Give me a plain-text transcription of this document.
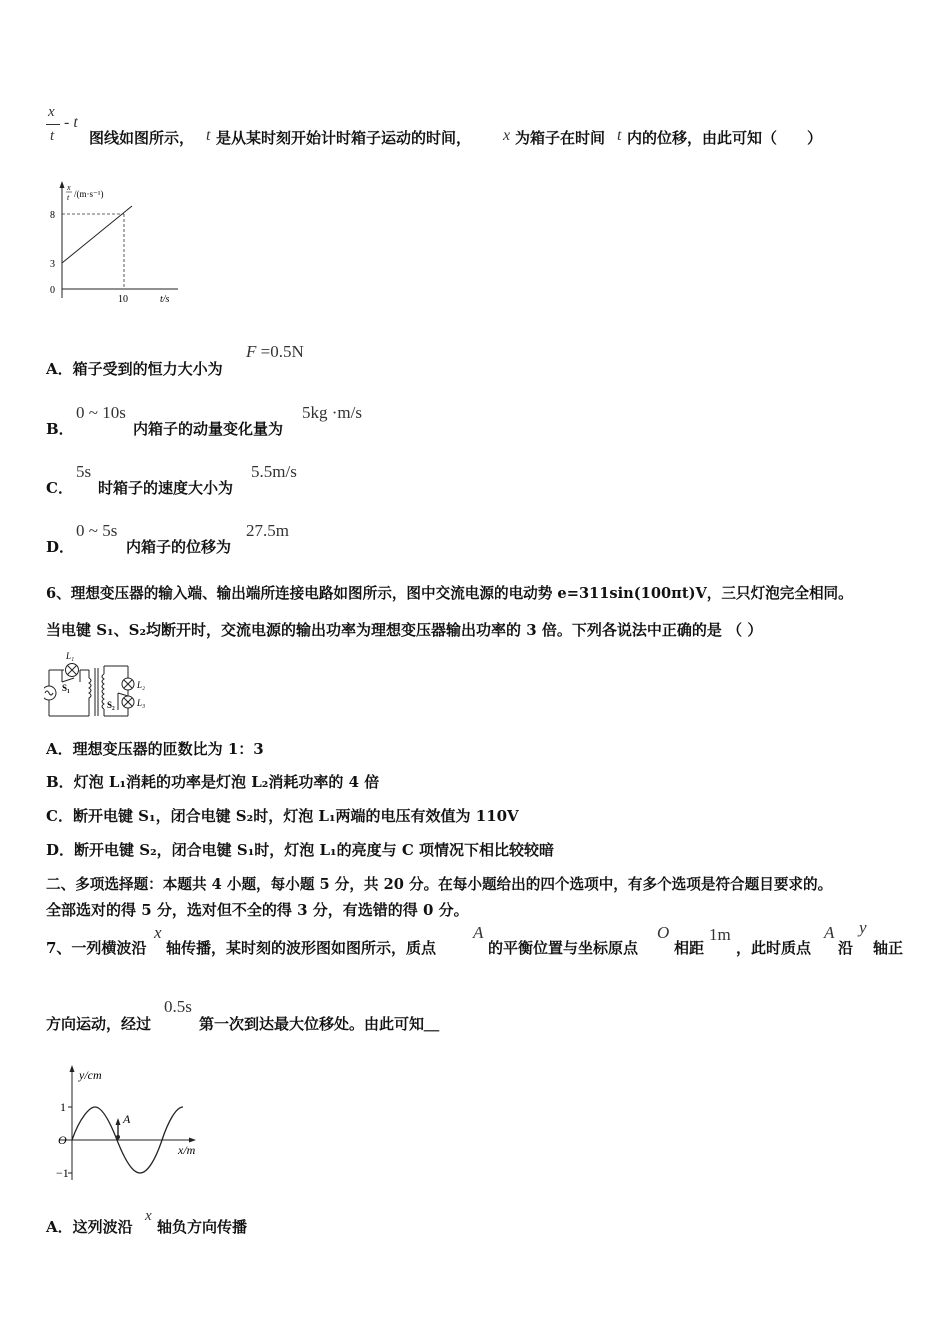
x
t
- t
图线如图所示， t 是从某时刻开始计时箱子运动的时间， x 为箱子在时间 t 内的位移，由此可知（　　）
x
t /(m·s⁻¹)
8
3
0
10	t/s
A．箱子受到的恒力大小为
F =0.5N
B．
0 ~ 10s
内箱子的动量变化量为
5kg ·m/s
C．
5s
时箱子的速度大小为
5.5m/s
D．
0 ~ 5s
内箱子的位移为
27.5m
6、理想变压器的输入端、输出端所连接电路如图所示，图中交流电源的电动势 e=311sin(100πt)V，三只灯泡完全相同。
当电键 S₁、S₂均断开时，交流电源的输出功率为理想变压器输出功率的 3 倍。下列各说法中正确的是 （ ）
L₁
S₁	L₂
S₂ L₃
A．理想变压器的匝数比为 1：3
B．灯泡 L₁消耗的功率是灯泡 L₂消耗功率的 4 倍
C．断开电键 S₁，闭合电键 S₂时，灯泡 L₁两端的电压有效值为 110V
D．断开电键 S₂，闭合电键 S₁时，灯泡 L₁的亮度与 C 项情况下相比较较暗
二、多项选择题：本题共 4 小题，每小题 5 分，共 20 分。在每小题给出的四个选项中，有多个选项是符合题目要求的。
全部选对的得 5 分，选对但不全的得 3 分，有选错的得 0 分。
7、一列横波沿
x
轴传播，某时刻的波形图如图所示，质点
A
的平衡位置与坐标原点
O
相距
1m
，此时质点
A
沿
y
轴正
方向运动，经过
0.5s
第一次到达最大位移处。由此可知＿
y/cm
1
−1
O
A
x/m
A．这列波沿
x
轴负方向传播
